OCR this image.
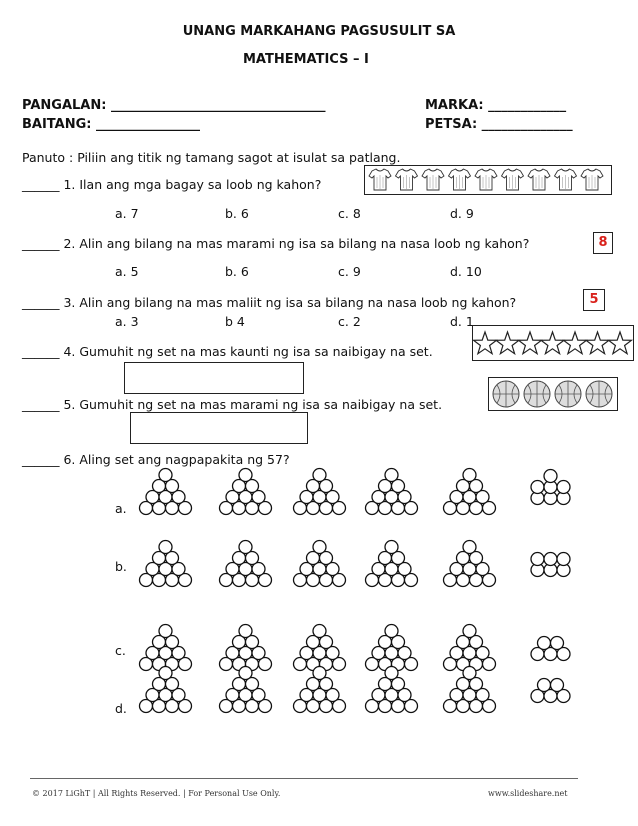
UNANG MARKAHANG PAGSUSULIT SA
MATHEMATICS – I
PANGALAN: _________________________________
BAITANG: ________________
MARKA: ____________
PETSA: ______________
Panuto : Piliin ang titik ng tamang sagot at isulat sa patlang.
______ 1. Ilan ang mga bagay sa loob ng kahon?
a. 7	b. 6	c. 8	d. 9
______ 2. Alin ang bilang na mas marami ng isa sa bilang na nasa loob ng kahon?	8
a. 5	b. 6	c. 9	d. 10
______ 3. Alin ang bilang na mas maliit ng isa sa bilang na nasa loob ng kahon?	5
a. 3	b 4	c. 2	d. 1
______ 4. Gumuhit ng set na mas kaunti ng isa sa naibigay na set.
______ 5. Gumuhit ng set na mas marami ng isa sa naibigay na set.
______ 6. Aling set ang nagpapakita ng 57?
a.
b.
c.
d.
© 2017 LiGhT | All Rights Reserved. | For Personal Use Only.	www.slideshare.net
